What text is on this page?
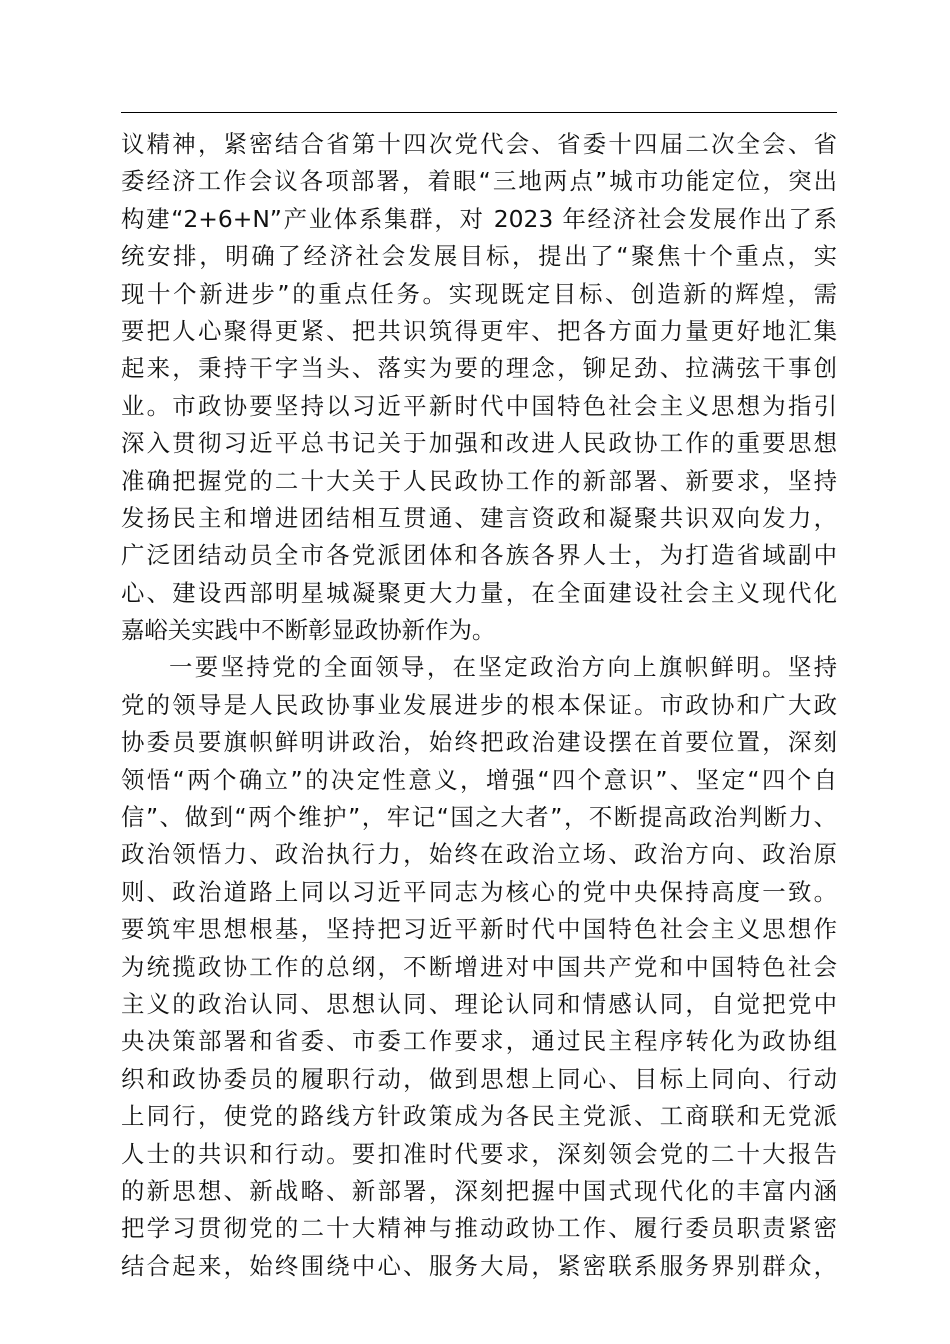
议精神，紧密结合省第十四次党代会、省委十四届二次全会、省
委经济工作会议各项部署，着眼“三地两点”城市功能定位，突出
构建“2+6+N”产业体系集群，对 2023 年经济社会发展作出了系
统安排，明确了经济社会发展目标，提出了“聚焦十个重点，实
现十个新进步”的重点任务。实现既定目标、创造新的辉煌，需
要把人心聚得更紧、把共识筑得更牢、把各方面力量更好地汇集
起来，秉持干字当头、落实为要的理念，铆足劲、拉满弦干事创
业。市政协要坚持以习近平新时代中国特色社会主义思想为指引
深入贯彻习近平总书记关于加强和改进人民政协工作的重要思想
准确把握党的二十大关于人民政协工作的新部署、新要求，坚持
发扬民主和增进团结相互贯通、建言资政和凝聚共识双向发力，
广泛团结动员全市各党派团体和各族各界人士，为打造省域副中
心、建设西部明星城凝聚更大力量，在全面建设社会主义现代化
嘉峪关实践中不断彰显政协新作为。
一要坚持党的全面领导，在坚定政治方向上旗帜鲜明。坚持
党的领导是人民政协事业发展进步的根本保证。市政协和广大政
协委员要旗帜鲜明讲政治，始终把政治建设摆在首要位置，深刻
领悟“两个确立”的决定性意义，增强“四个意识”、坚定“四个自
信”、做到“两个维护”，牢记“国之大者”，不断提高政治判断力、
政治领悟力、政治执行力，始终在政治立场、政治方向、政治原
则、政治道路上同以习近平同志为核心的党中央保持高度一致。
要筑牢思想根基，坚持把习近平新时代中国特色社会主义思想作
为统揽政协工作的总纲，不断增进对中国共产党和中国特色社会
主义的政治认同、思想认同、理论认同和情感认同，自觉把党中
央决策部署和省委、市委工作要求，通过民主程序转化为政协组
织和政协委员的履职行动，做到思想上同心、目标上同向、行动
上同行，使党的路线方针政策成为各民主党派、工商联和无党派
人士的共识和行动。要扣准时代要求，深刻领会党的二十大报告
的新思想、新战略、新部署，深刻把握中国式现代化的丰富内涵
把学习贯彻党的二十大精神与推动政协工作、履行委员职责紧密
结合起来，始终围绕中心、服务大局，紧密联系服务界别群众，
